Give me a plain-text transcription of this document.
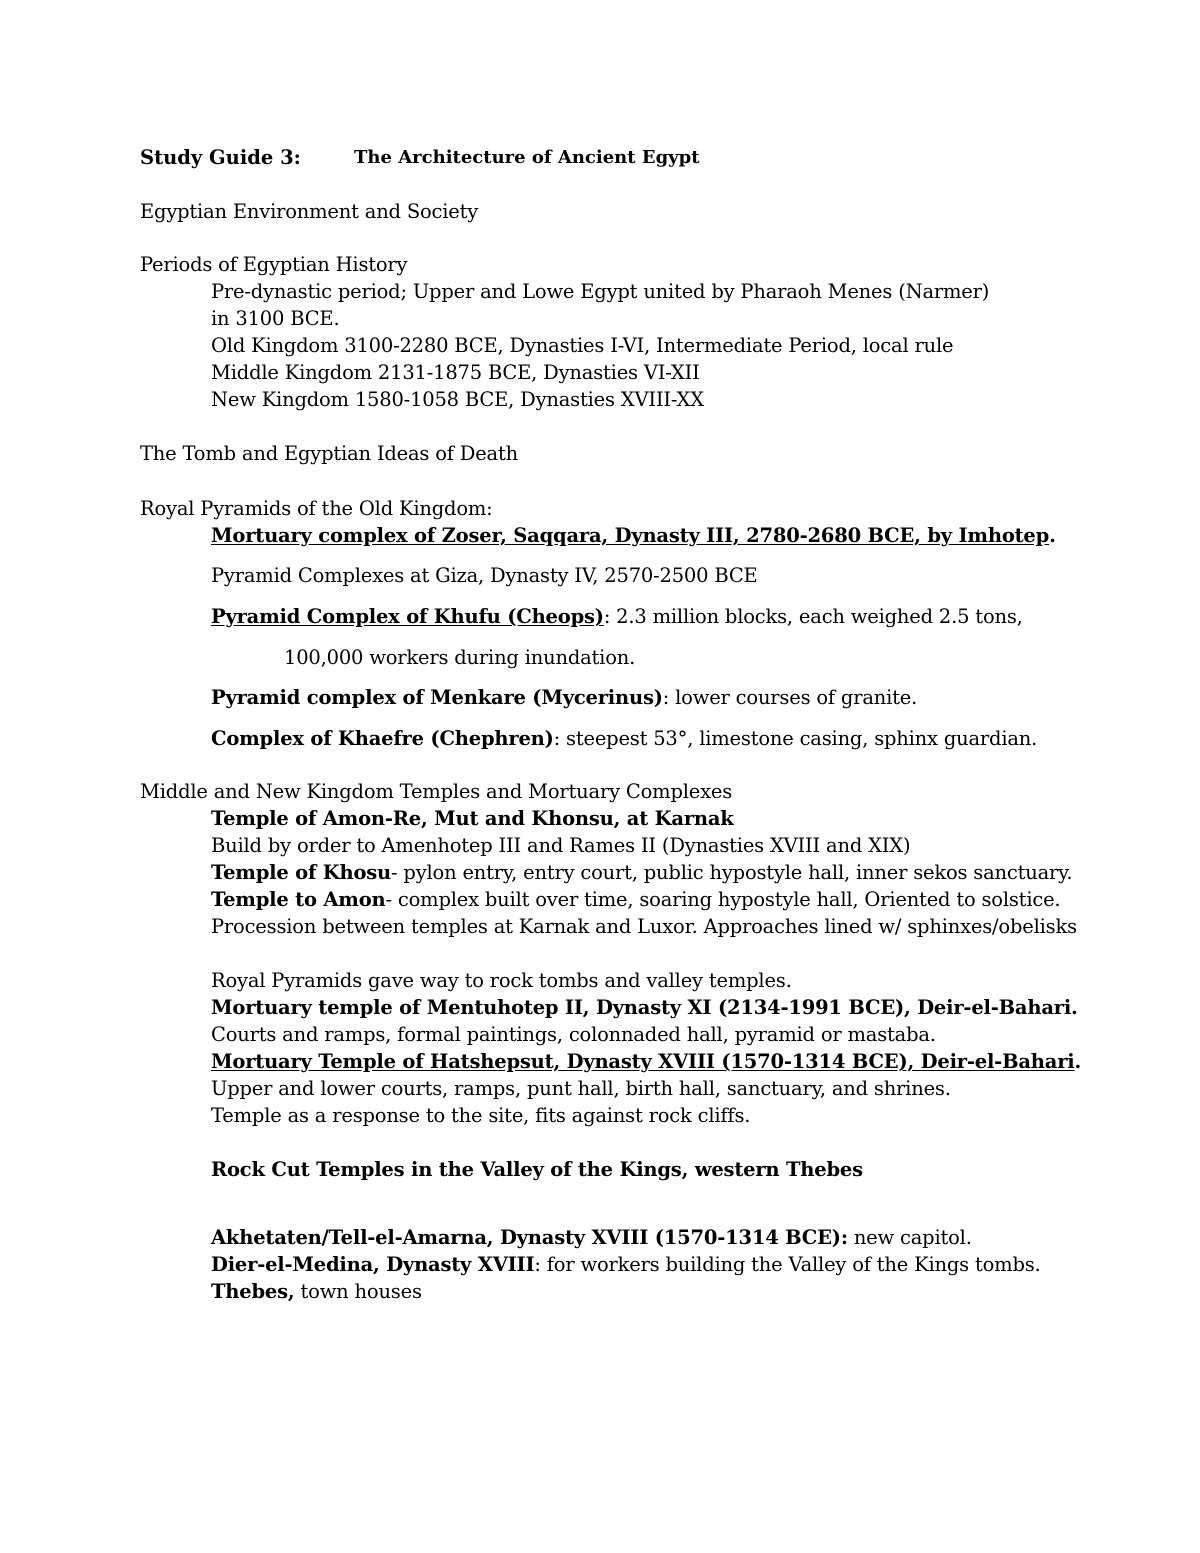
Study Guide 3:	The Architecture of Ancient Egypt
Egyptian Environment and Society
Periods of Egyptian History
Pre-dynastic period; Upper and Lowe Egypt united by Pharaoh Menes (Narmer)
in 3100 BCE.
Old Kingdom 3100-2280 BCE, Dynasties I-VI, Intermediate Period, local rule
Middle Kingdom 2131-1875 BCE, Dynasties VI-XII
New Kingdom 1580-1058 BCE, Dynasties XVIII-XX
The Tomb and Egyptian Ideas of Death
Royal Pyramids of the Old Kingdom:
Mortuary complex of Zoser, Saqqara, Dynasty III, 2780-2680 BCE, by Imhotep.
Pyramid Complexes at Giza, Dynasty IV, 2570-2500 BCE
Pyramid Complex of Khufu (Cheops): 2.3 million blocks, each weighed 2.5 tons,
100,000 workers during inundation.
Pyramid complex of Menkare (Mycerinus): lower courses of granite.
Complex of Khaefre (Chephren): steepest 53°, limestone casing, sphinx guardian.
Middle and New Kingdom Temples and Mortuary Complexes
Temple of Amon-Re, Mut and Khonsu, at Karnak
Build by order to Amenhotep III and Rames II (Dynasties XVIII and XIX)
Temple of Khosu- pylon entry, entry court, public hypostyle hall, inner sekos sanctuary.
Temple to Amon- complex built over time, soaring hypostyle hall, Oriented to solstice.
Procession between temples at Karnak and Luxor. Approaches lined w/ sphinxes/obelisks
Royal Pyramids gave way to rock tombs and valley temples.
Mortuary temple of Mentuhotep II, Dynasty XI (2134-1991 BCE), Deir-el-Bahari.
Courts and ramps, formal paintings, colonnaded hall, pyramid or mastaba.
Mortuary Temple of Hatshepsut, Dynasty XVIII (1570-1314 BCE), Deir-el-Bahari.
Upper and lower courts, ramps, punt hall, birth hall, sanctuary, and shrines.
Temple as a response to the site, fits against rock cliffs.
Rock Cut Temples in the Valley of the Kings, western Thebes
Akhetaten/Tell-el-Amarna, Dynasty XVIII (1570-1314 BCE): new capitol.
Dier-el-Medina, Dynasty XVIII: for workers building the Valley of the Kings tombs.
Thebes, town houses
